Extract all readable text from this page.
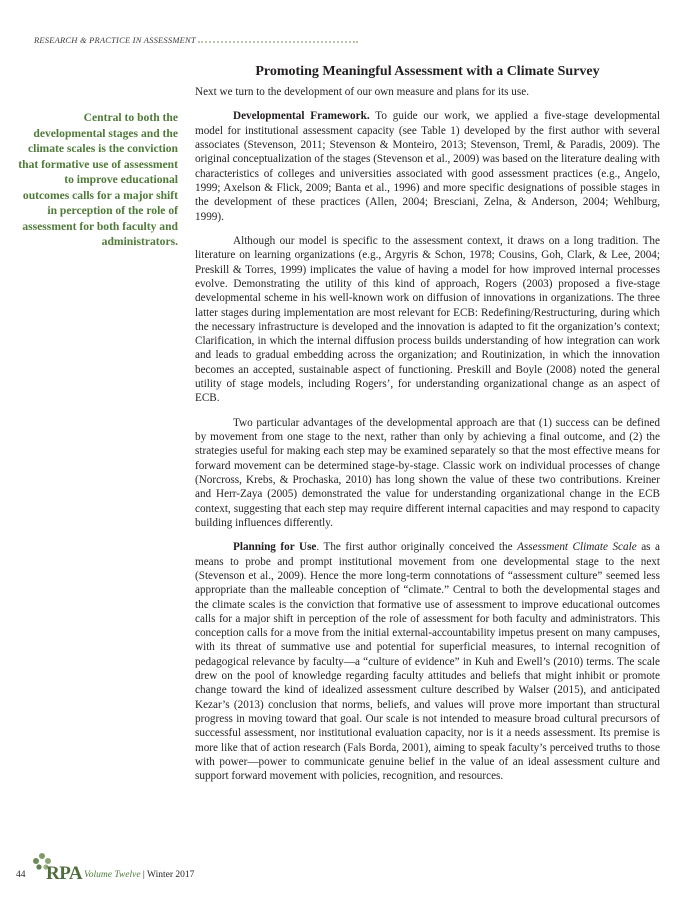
RESEARCH & PRACTICE IN ASSESSMENT
Promoting Meaningful Assessment with a Climate Survey

Central to both the developmental stages and the climate scales is the conviction that formative use of assessment to improve educational outcomes calls for a major shift in perception of the role of assessment for both faculty and administrators.

Next we turn to the development of our own measure and plans for its use.

Developmental Framework. To guide our work, we applied a five-stage developmental model for institutional assessment capacity (see Table 1) developed by the first author with several associates (Stevenson, 2011; Stevenson & Monteiro, 2013; Stevenson, Treml, & Paradis, 2009). The original conceptualization of the stages (Stevenson et al., 2009) was based on the literature dealing with characteristics of colleges and universities associated with good assessment practices (e.g., Angelo, 1999; Axelson & Flick, 2009; Banta et al., 1996) and more specific designations of possible stages in the development of these practices (Allen, 2004; Bresciani, Zelna, & Anderson, 2004; Wehlburg, 1999).

Although our model is specific to the assessment context, it draws on a long tradition. The literature on learning organizations (e.g., Argyris & Schon, 1978; Cousins, Goh, Clark, & Lee, 2004; Preskill & Torres, 1999) implicates the value of having a model for how improved internal processes evolve. Demonstrating the utility of this kind of approach, Rogers (2003) proposed a five-stage developmental scheme in his well-known work on diffusion of innovations in organizations. The three latter stages during implementation are most relevant for ECB: Redefining/Restructuring, during which the necessary infrastructure is developed and the innovation is adapted to fit the organization’s context; Clarification, in which the internal diffusion process builds understanding of how integration can work and leads to gradual embedding across the organization; and Routinization, in which the innovation becomes an accepted, sustainable aspect of functioning. Preskill and Boyle (2008) noted the general utility of stage models, including Rogers’, for understanding organizational change as an aspect of ECB.

Two particular advantages of the developmental approach are that (1) success can be defined by movement from one stage to the next, rather than only by achieving a final outcome, and (2) the strategies useful for making each step may be examined separately so that the most effective means for forward movement can be determined stage-by-stage. Classic work on individual processes of change (Norcross, Krebs, & Prochaska, 2010) has long shown the value of these two contributions. Kreiner and Herr-Zaya (2005) demonstrated the value for understanding organizational change in the ECB context, suggesting that each step may require different internal capacities and may respond to capacity building influences differently.

Planning for Use. The first author originally conceived the Assessment Climate Scale as a means to probe and prompt institutional movement from one developmental stage to the next (Stevenson et al., 2009). Hence the more long-term connotations of “assessment culture” seemed less appropriate than the malleable conception of “climate.” Central to both the developmental stages and the climate scales is the conviction that formative use of assessment to improve educational outcomes calls for a major shift in perception of the role of assessment for both faculty and administrators. This conception calls for a move from the initial external-accountability impetus present on many campuses, with its threat of summative use and potential for superficial measures, to internal recognition of pedagogical relevance by faculty—a “culture of evidence” in Kuh and Ewell’s (2010) terms. The scale drew on the pool of knowledge regarding faculty attitudes and beliefs that might inhibit or promote change toward the kind of idealized assessment culture described by Walser (2015), and anticipated Kezar’s (2013) conclusion that norms, beliefs, and values will prove more important than structural progress in moving toward that goal. Our scale is not intended to measure broad cultural precursors of successful assessment, nor institutional evaluation capacity, nor is it a needs assessment. Its premise is more like that of action research (Fals Borda, 2001), aiming to speak faculty’s perceived truths to those with power—power to communicate genuine belief in the value of an ideal assessment culture and support forward movement with policies, recognition, and resources.

44 RPA Volume Twelve | Winter 2017
